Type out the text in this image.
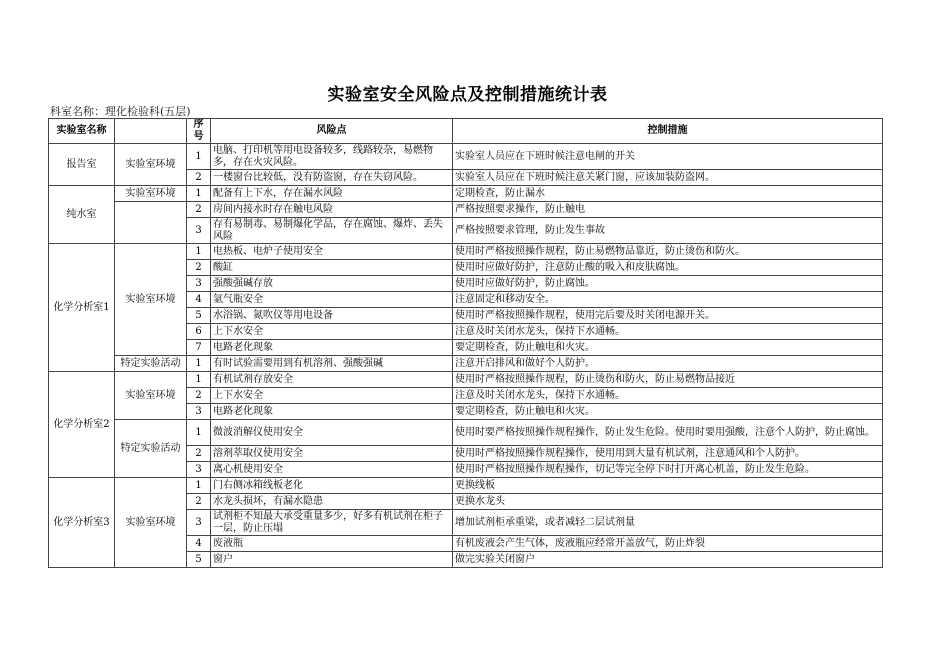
实验室安全风险点及控制措施统计表
科室名称：理化检验科(五层)
实验室名称		序号	风险点	控制措施
报告室	实验室环境	1	电脑、打印机等用电设备较多，线路较杂，易燃物多，存在火灾风险。	实验室人员应在下班时候注意电闸的开关
		2	一楼窗台比较低，没有防盗窗，存在失窃风险。	实验室人员应在下班时候注意关紧门窗，应该加装防盗网。
纯水室	实验室环境	1	配备有上下水，存在漏水风险	定期检查，防止漏水
		2	房间内接水时存在触电风险	严格按照要求操作，防止触电
		3	存有易制毒、易制爆化学品，存在腐蚀、爆炸、丢失风险	严格按照要求管理，防止发生事故
化学分析室1	实验室环境	1	电热板、电炉子使用安全	使用时严格按照操作规程，防止易燃物品靠近，防止烫伤和防火。
		2	酸缸	使用时应做好防护，注意防止酸的吸入和皮肤腐蚀。
		3	强酸强碱存放	使用时应做好防护，防止腐蚀。
		4	氩气瓶安全	注意固定和移动安全。
		5	水浴锅、氮吹仪等用电设备	使用时严格按照操作规程，使用完后要及时关闭电源开关。
		6	上下水安全	注意及时关闭水龙头，保持下水通畅。
		7	电路老化现象	要定期检查，防止触电和火灾。
	特定实验活动	1	有时试验需要用到有机溶剂、强酸强碱	注意开启排风和做好个人防护。
化学分析室2	实验室环境	1	有机试剂存放安全	使用时严格按照操作规程，防止烫伤和防火，防止易燃物品接近
		2	上下水安全	注意及时关闭水龙头，保持下水通畅。
		3	电路老化现象	要定期检查，防止触电和火灾。
	特定实验活动	1	微波消解仪使用安全	使用时要严格按照操作规程操作，防止发生危险。使用时要用强酸，注意个人防护，防止腐蚀。
		2	溶剂萃取仪使用安全	使用时严格按照操作规程操作，使用用到大量有机试剂，注意通风和个人防护。
		3	离心机使用安全	使用时严格按照操作规程操作，切记等完全停下时打开离心机盖，防止发生危险。
化学分析室3	实验室环境	1	门右侧冰箱线板老化	更换线板
		2	水龙头损坏，有漏水隐患	更换水龙头
		3	试剂柜不知最大承受重量多少，好多有机试剂在柜子一层，防止压塌	增加试剂柜承重梁，或者减轻二层试剂量
		4	废液瓶	有机废液会产生气体，废液瓶应经常开盖放气，防止炸裂
		5	窗户	做完实验关闭窗户
